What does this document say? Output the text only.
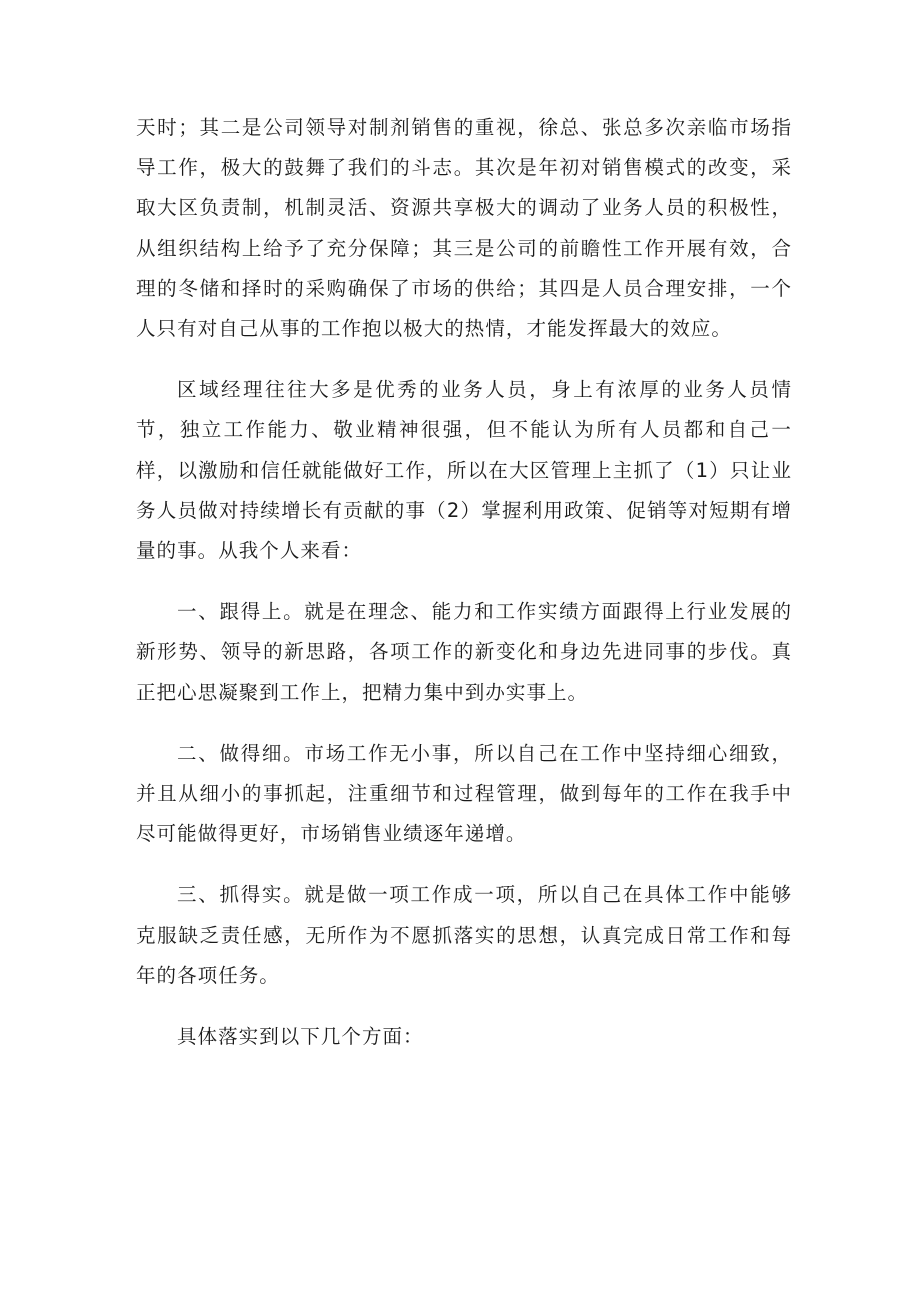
天时；其二是公司领导对制剂销售的重视，徐总、张总多次亲临市场指导工作，极大的鼓舞了我们的斗志。其次是年初对销售模式的改变，采取大区负责制，机制灵活、资源共享极大的调动了业务人员的积极性，从组织结构上给予了充分保障；其三是公司的前瞻性工作开展有效，合理的冬储和择时的采购确保了市场的供给；其四是人员合理安排，一个人只有对自己从事的工作抱以极大的热情，才能发挥最大的效应。

区域经理往往大多是优秀的业务人员，身上有浓厚的业务人员情节，独立工作能力、敬业精神很强，但不能认为所有人员都和自己一样，以激励和信任就能做好工作，所以在大区管理上主抓了（1）只让业务人员做对持续增长有贡献的事（2）掌握利用政策、促销等对短期有增量的事。从我个人来看：

一、跟得上。就是在理念、能力和工作实绩方面跟得上行业发展的新形势、领导的新思路，各项工作的新变化和身边先进同事的步伐。真正把心思凝聚到工作上，把精力集中到办实事上。

二、做得细。市场工作无小事，所以自己在工作中坚持细心细致，并且从细小的事抓起，注重细节和过程管理，做到每年的工作在我手中尽可能做得更好，市场销售业绩逐年递增。

三、抓得实。就是做一项工作成一项，所以自己在具体工作中能够克服缺乏责任感，无所作为不愿抓落实的思想，认真完成日常工作和每年的各项任务。

具体落实到以下几个方面：
